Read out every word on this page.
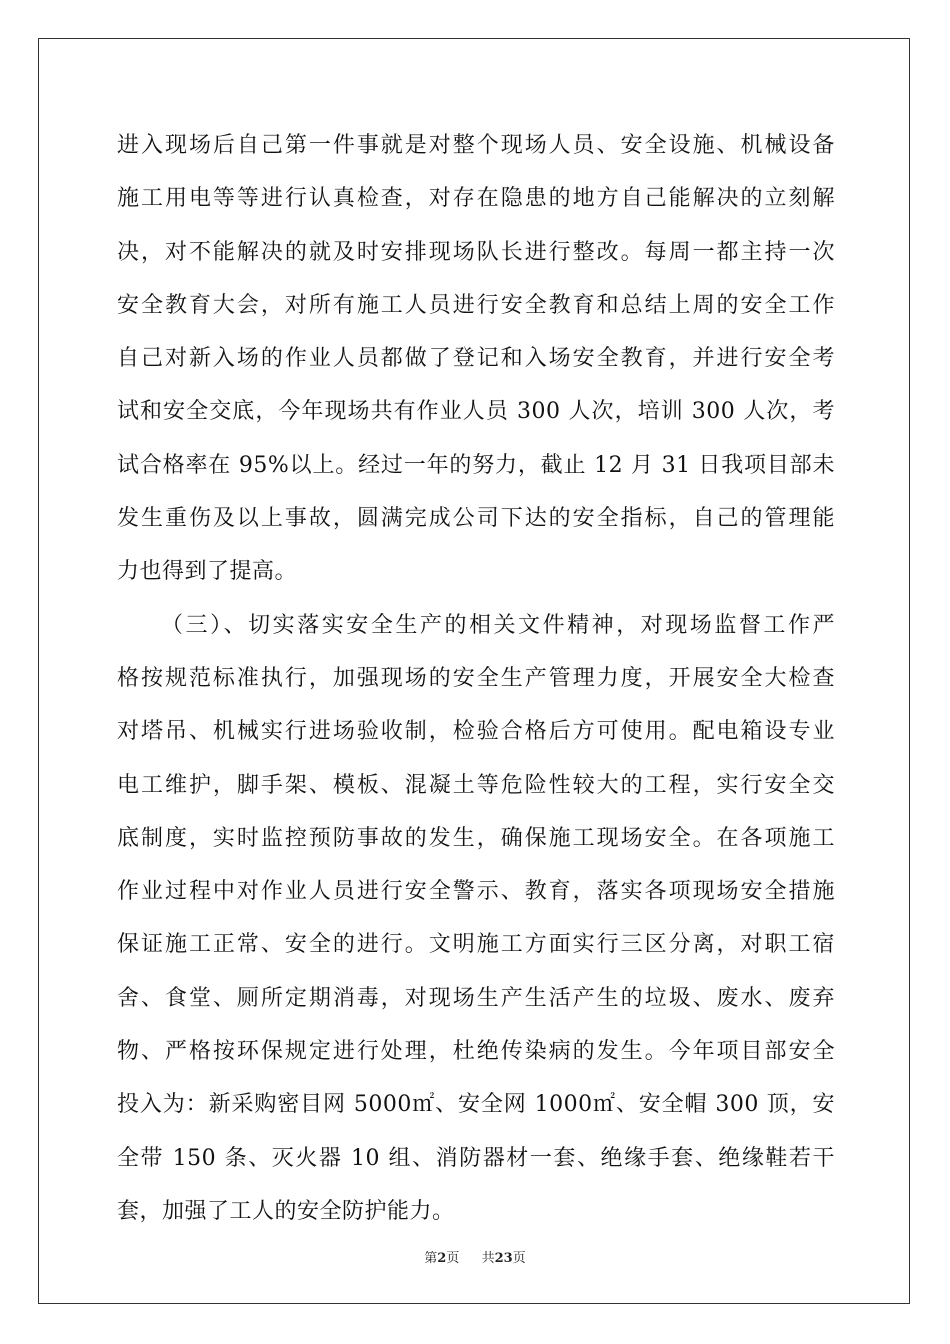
进入现场后自己第一件事就是对整个现场人员、安全设施、机械设备
施工用电等等进行认真检查，对存在隐患的地方自己能解决的立刻解
决，对不能解决的就及时安排现场队长进行整改。每周一都主持一次
安全教育大会，对所有施工人员进行安全教育和总结上周的安全工作
自己对新入场的作业人员都做了登记和入场安全教育，并进行安全考
试和安全交底，今年现场共有作业人员 300 人次，培训 300 人次，考
试合格率在 95%以上。经过一年的努力，截止 12 月 31 日我项目部未
发生重伤及以上事故，圆满完成公司下达的安全指标，自己的管理能
力也得到了提高。
（三）、切实落实安全生产的相关文件精神，对现场监督工作严
格按规范标准执行，加强现场的安全生产管理力度，开展安全大检查
对塔吊、机械实行进场验收制，检验合格后方可使用。配电箱设专业
电工维护，脚手架、模板、混凝土等危险性较大的工程，实行安全交
底制度，实时监控预防事故的发生，确保施工现场安全。在各项施工
作业过程中对作业人员进行安全警示、教育，落实各项现场安全措施
保证施工正常、安全的进行。文明施工方面实行三区分离，对职工宿
舍、食堂、厕所定期消毒，对现场生产生活产生的垃圾、废水、废弃
物、严格按环保规定进行处理，杜绝传染病的发生。今年项目部安全
投入为：新采购密目网 5000㎡、安全网 1000㎡、安全帽 300 顶，安
全带 150 条、灭火器 10 组、消防器材一套、绝缘手套、绝缘鞋若干
套，加强了工人的安全防护能力。
第2页 共23页
